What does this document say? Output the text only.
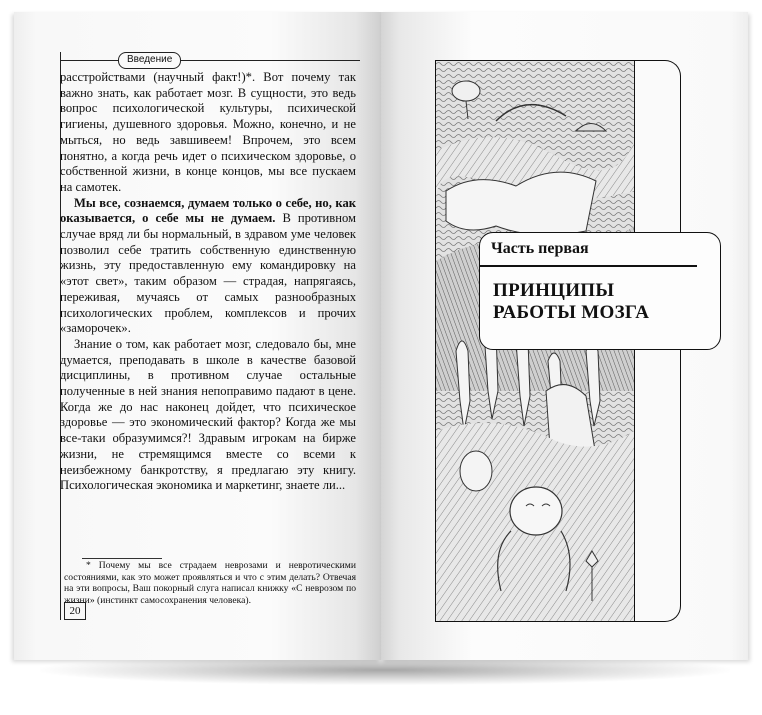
Введение

расстройствами (научный факт!)*. Вот почему так важно знать, как работает мозг. В сущности, это ведь вопрос психологической культуры, психической гигиены, душевного здоровья. Можно, конечно, и не мыться, но ведь завшивеем! Впрочем, это всем понятно, а когда речь идет о психическом здоровье, о собственной жизни, в конце концов, мы все пускаем на самотек.

Мы все, сознаемся, думаем только о себе, но, как оказывается, о себе мы не думаем. В противном случае вряд ли бы нормальный, в здравом уме человек позволил себе тратить собственную единственную жизнь, эту предоставленную ему командировку на «этот свет», таким образом — страдая, напрягаясь, переживая, мучаясь от самых разнообразных психологических проблем, комплексов и прочих «заморочек».

Знание о том, как работает мозг, следовало бы, мне думается, преподавать в школе в качестве базовой дисциплины, в противном случае остальные полученные в ней знания непоправимо падают в цене. Когда же до нас наконец дойдет, что психическое здоровье — это экономический фактор? Когда же мы все-таки образумимся?! Здравым игрокам на бирже жизни, не стремящимся вместе со всеми к неизбежному банкротству, я предлагаю эту книгу. Психологическая экономика и маркетинг, знаете ли...

* Почему мы все страдаем неврозами и невротическими состояниями, как это может проявляться и что с этим делать? Отвечая на эти вопросы, Ваш покорный слуга написал книжку «С неврозом по жизни» (инстинкт самосохранения человека).
20
Часть первая
ПРИНЦИПЫ
РАБОТЫ МОЗГА
